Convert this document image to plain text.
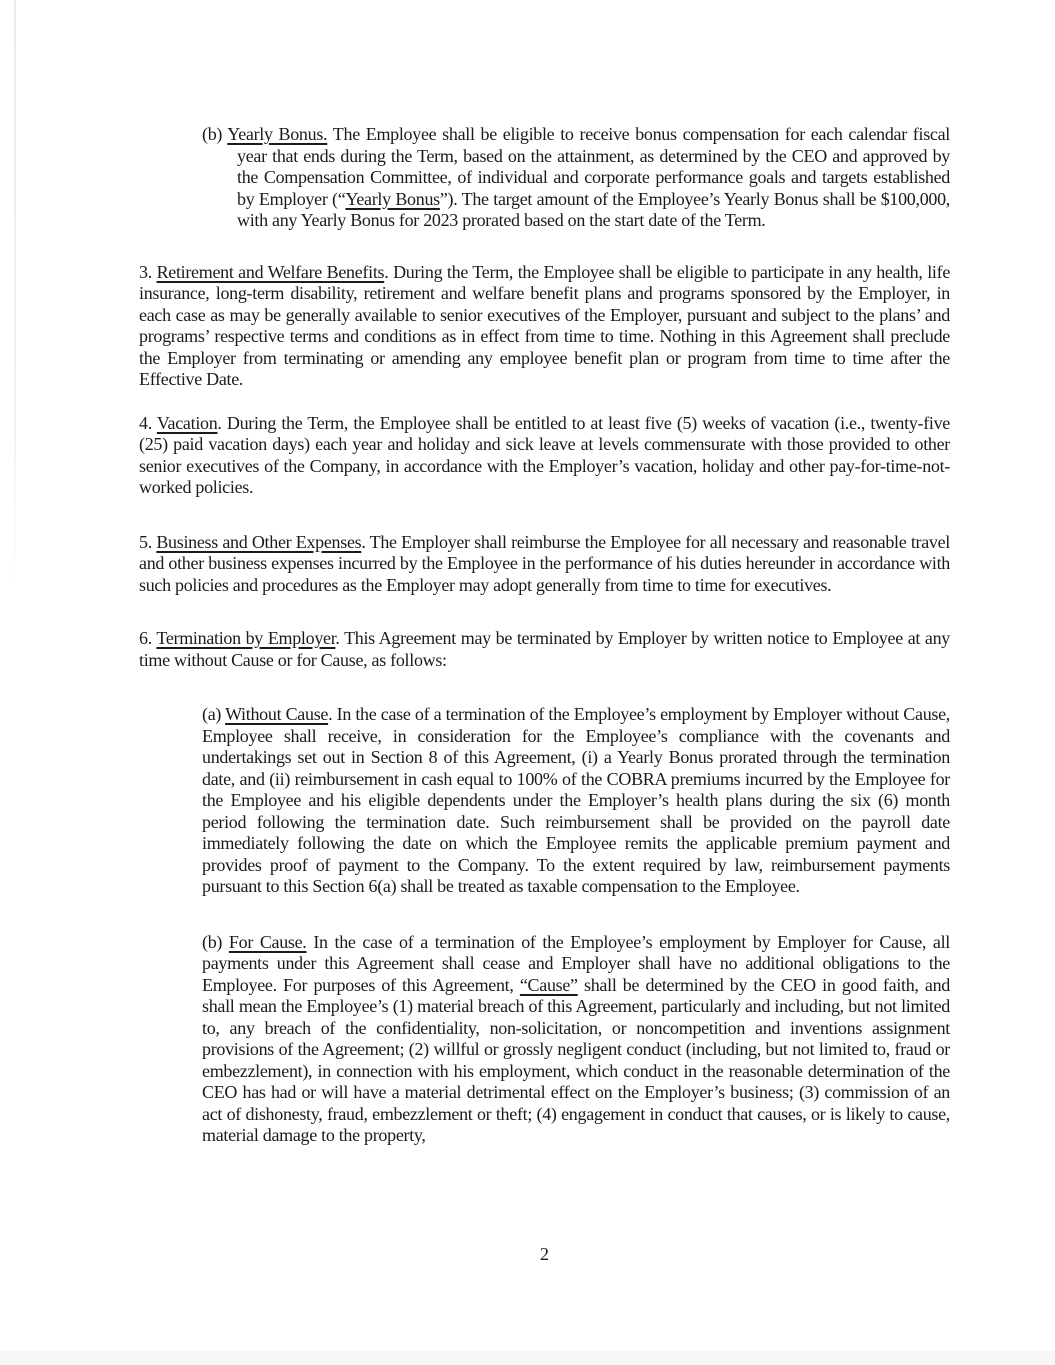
(b) Yearly Bonus. The Employee shall be eligible to receive bonus compensation for each calendar fiscal year that ends during the Term, based on the attainment, as determined by the CEO and approved by the Compensation Committee, of individual and corporate performance goals and targets established by Employer (“Yearly Bonus”). The target amount of the Employee’s Yearly Bonus shall be $100,000, with any Yearly Bonus for 2023 prorated based on the start date of the Term.

3. Retirement and Welfare Benefits. During the Term, the Employee shall be eligible to participate in any health, life insurance, long-term disability, retirement and welfare benefit plans and programs sponsored by the Employer, in each case as may be generally available to senior executives of the Employer, pursuant and subject to the plans’ and programs’ respective terms and conditions as in effect from time to time. Nothing in this Agreement shall preclude the Employer from terminating or amending any employee benefit plan or program from time to time after the Effective Date.

4. Vacation. During the Term, the Employee shall be entitled to at least five (5) weeks of vacation (i.e., twenty-five (25) paid vacation days) each year and holiday and sick leave at levels commensurate with those provided to other senior executives of the Company, in accordance with the Employer’s vacation, holiday and other pay-for-time-not-worked policies.

5. Business and Other Expenses. The Employer shall reimburse the Employee for all necessary and reasonable travel and other business expenses incurred by the Employee in the performance of his duties hereunder in accordance with such policies and procedures as the Employer may adopt generally from time to time for executives.

6. Termination by Employer. This Agreement may be terminated by Employer by written notice to Employee at any time without Cause or for Cause, as follows:

(a) Without Cause. In the case of a termination of the Employee’s employment by Employer without Cause, Employee shall receive, in consideration for the Employee’s compliance with the covenants and undertakings set out in Section 8 of this Agreement, (i) a Yearly Bonus prorated through the termination date, and (ii) reimbursement in cash equal to 100% of the COBRA premiums incurred by the Employee for the Employee and his eligible dependents under the Employer’s health plans during the six (6) month period following the termination date. Such reimbursement shall be provided on the payroll date immediately following the date on which the Employee remits the applicable premium payment and provides proof of payment to the Company. To the extent required by law, reimbursement payments pursuant to this Section 6(a) shall be treated as taxable compensation to the Employee.

(b) For Cause. In the case of a termination of the Employee’s employment by Employer for Cause, all payments under this Agreement shall cease and Employer shall have no additional obligations to the Employee. For purposes of this Agreement, “Cause” shall be determined by the CEO in good faith, and shall mean the Employee’s (1) material breach of this Agreement, particularly and including, but not limited to, any breach of the confidentiality, non-solicitation, or noncompetition and inventions assignment provisions of the Agreement; (2) willful or grossly negligent conduct (including, but not limited to, fraud or embezzlement), in connection with his employment, which conduct in the reasonable determination of the CEO has had or will have a material detrimental effect on the Employer’s business; (3) commission of an act of dishonesty, fraud, embezzlement or theft; (4) engagement in conduct that causes, or is likely to cause, material damage to the property,

2
